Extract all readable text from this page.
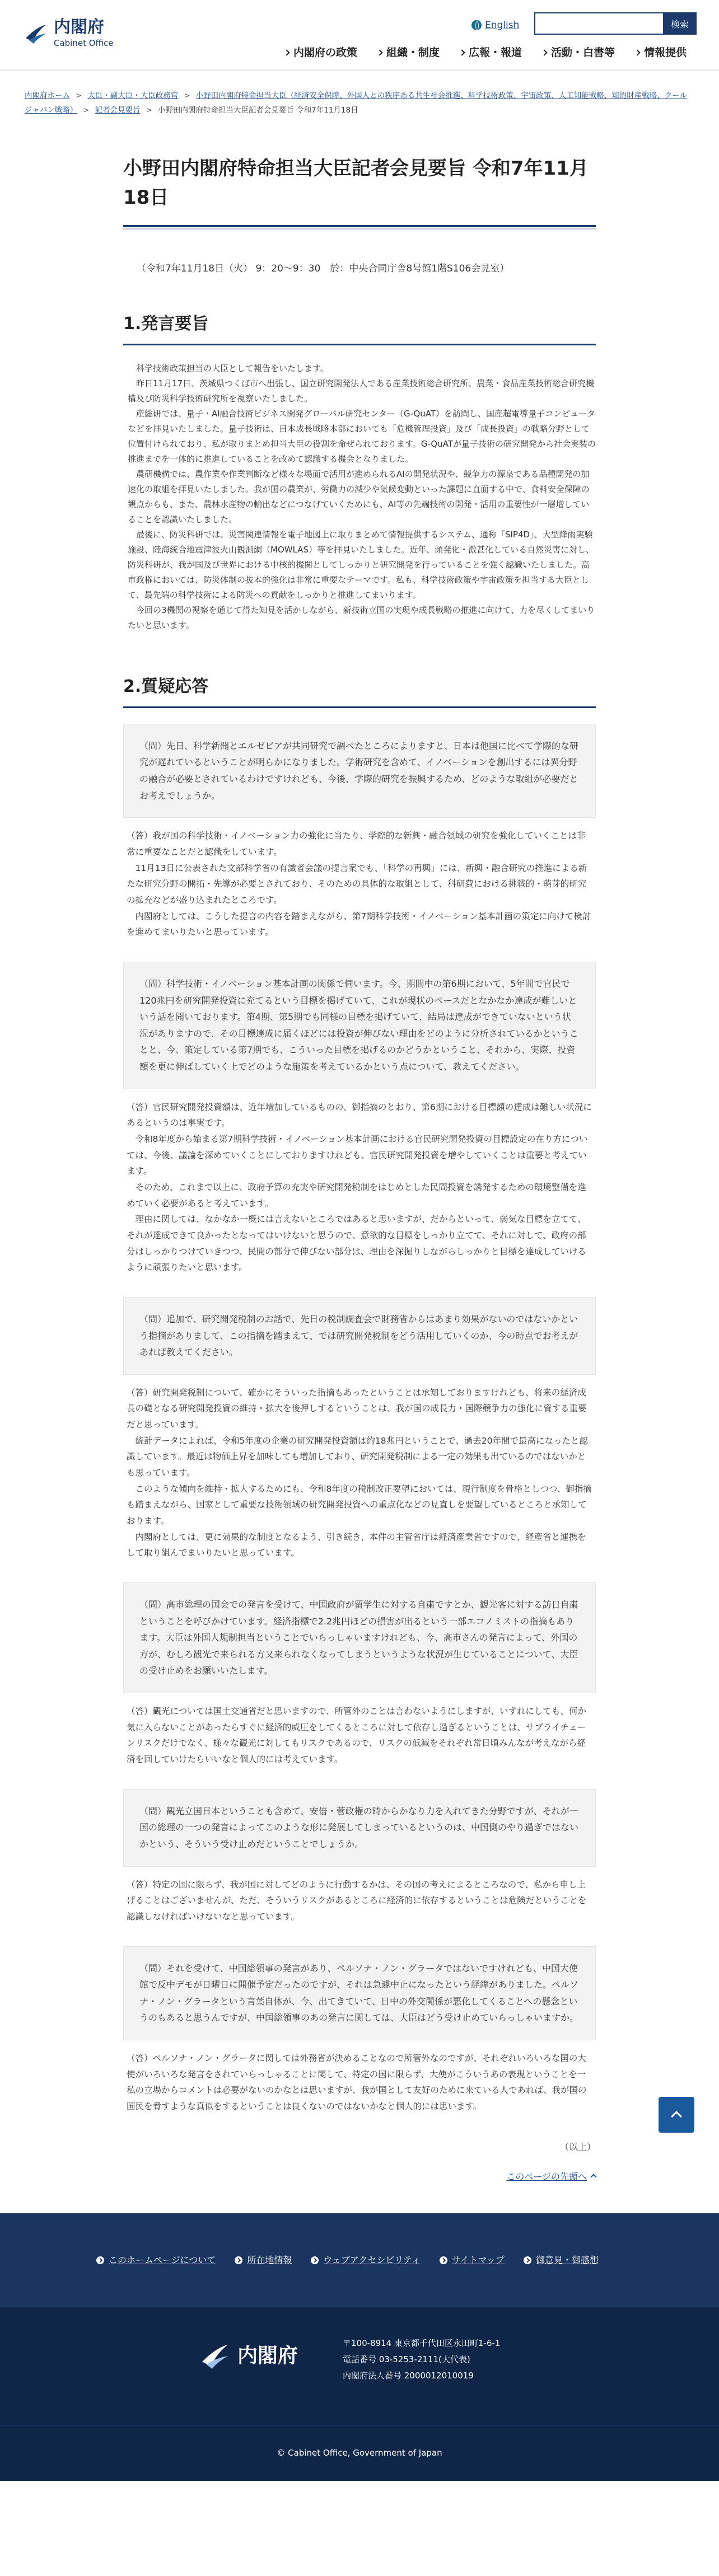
内閣府
Cabinet Office
English	検索
内閣府の政策	組織・制度	広報・報道	活動・白書等	情報提供
内閣府ホーム > 大臣・副大臣・大臣政務官 > 小野田内閣府特命担当大臣（経済安全保障、外国人との秩序ある共生社会推進、科学技術政策、宇宙政策、人工知能戦略、知的財産戦略、クールジャパン戦略） > 記者会見要旨 > 小野田内閣府特命担当大臣記者会見要旨 令和7年11月18日
小野田内閣府特命担当大臣記者会見要旨 令和7年11月18日

（令和7年11月18日（火） 9：20～9：30　於：中央合同庁舎8号館1階S106会見室）

1.発言要旨

科学技術政策担当の大臣として報告をいたします。

昨日11月17日、茨城県つくば市へ出張し、国立研究開発法人である産業技術総合研究所、農業・食品産業技術総合研究機構及び防災科学技術研究所を視察いたしました。

産総研では、量子・AI融合技術ビジネス開発グローバル研究センター（G-QuAT）を訪問し、国産超電導量子コンピュータなどを拝見いたしました。量子技術は、日本成長戦略本部においても「危機管理投資」及び「成長投資」の戦略分野として位置付けられており、私が取りまとめ担当大臣の役割を命ぜられております。G-QuATが量子技術の研究開発から社会実装の推進までを一体的に推進していることを改めて認識する機会となりました。

農研機構では、農作業や作業判断など様々な場面で活用が進められるAIの開発状況や、競争力の源泉である品種開発の加速化の取組を拝見いたしました。我が国の農業が、労働力の減少や気候変動といった課題に直面する中で、食料安全保障の観点からも、また、農林水産物の輸出などにつなげていくためにも、AI等の先端技術の開発・活用の重要性が一層増していることを認識いたしました。

最後に、防災科研では、災害関連情報を電子地図上に取りまとめて情報提供するシステム、通称「SIP4D」、大型降雨実験施設、陸海統合地震津波火山観測網（MOWLAS）等を拝見いたしました。近年、頻発化・激甚化している自然災害に対し、防災科研が、我が国及び世界における中核的機関としてしっかりと研究開発を行っていることを強く認識いたしました。高市政権においては、防災体制の抜本的強化は非常に重要なテーマです。私も、科学技術政策や宇宙政策を担当する大臣として、最先端の科学技術による防災への貢献をしっかりと推進してまいります。

今回の3機関の視察を通じて得た知見を活かしながら、新技術立国の実現や成長戦略の推進に向けて、力を尽くしてまいりたいと思います。

2.質疑応答
（問）先日、科学新聞とエルゼビアが共同研究で調べたところによりますと、日本は他国に比べて学際的な研究が遅れているということが明らかになりました。学術研究を含めて、イノベーションを創出するには異分野の融合が必要とされているわけですけれども、今後、学際的研究を振興するため、どのような取組が必要だとお考えでしょうか。

（答）我が国の科学技術・イノベーション力の強化に当たり、学際的な新興・融合領域の研究を強化していくことは非常に重要なことだと認識をしています。

11月13日に公表された文部科学省の有識者会議の提言案でも、「科学の再興」には、新興・融合研究の推進による新たな研究分野の開拓・先導が必要とされており、そのための具体的な取組として、科研費における挑戦的・萌芽的研究の拡充などが盛り込まれたところです。

内閣府としては、こうした提言の内容を踏まえながら、第7期科学技術・イノベーション基本計画の策定に向けて検討を進めてまいりたいと思っています。

（問）科学技術・イノベーション基本計画の関係で伺います。今、期間中の第6期において、5年間で官民で120兆円を研究開発投資に充てるという目標を掲げていて、これが現状のペースだとなかなか達成が難しいという話を聞いております。第4期、第5期でも同様の目標を掲げていて、結局は達成ができていないという状況がありますので、その目標達成に届くほどには投資が伸びない理由をどのように分析されているかということと、今、策定している第7期でも、こういった目標を掲げるのかどうかということ、それから、実際、投資額を更に伸ばしていく上でどのような施策を考えているかという点について、教えてください。

（答）官民研究開発投資額は、近年増加しているものの、御指摘のとおり、第6期における目標額の達成は難しい状況にあるというのは事実です。

令和8年度から始まる第7期科学技術・イノベーション基本計画における官民研究開発投資の目標設定の在り方については、今後、議論を深めていくことにしておりますけれども、官民研究開発投資を増やしていくことは重要と考えています。

そのため、これまで以上に、政府予算の充実や研究開発税制をはじめとした民間投資を誘発するための環境整備を進めていく必要があると考えています。

理由に関しては、なかなか一概には言えないところではあると思いますが、だからといって、弱気な目標を立てて、それが達成できて良かったとなってはいけないと思うので、意欲的な目標をしっかり立てて、それに対して、政府の部分はしっかりつけていきつつ、民間の部分で伸びない部分は、理由を深掘りしながらしっかりと目標を達成していけるように頑張りたいと思います。

（問）追加で、研究開発税制のお話で、先日の税制調査会で財務省からはあまり効果がないのではないかという指摘がありまして、この指摘を踏まえて、では研究開発税制をどう活用していくのか、今の時点でお考えがあれば教えてください。

（答）研究開発税制について、確かにそういった指摘もあったということは承知しておりますけれども、将来の経済成長の礎となる研究開発投資の維持・拡大を後押しするということは、我が国の成長力・国際競争力の強化に資する重要だと思っています。

統計データによれば、令和5年度の企業の研究開発投資額は約18兆円ということで、過去20年間で最高になったと認識しています。最近は物価上昇を加味しても増加しており、研究開発税制による一定の効果も出ているのではないかとも思っています。

このような傾向を維持・拡大するためにも、令和8年度の税制改正要望においては、現行制度を骨格としつつ、御指摘も踏まえながら、国家として重要な技術領域の研究開発投資への重点化などの見直しを要望しているところと承知しております。

内閣府としては、更に効果的な制度となるよう、引き続き、本件の主管省庁は経済産業省ですので、経産省と連携をして取り組んでまいりたいと思っています。

（問）高市総理の国会での発言を受けて、中国政府が留学生に対する自粛ですとか、観光客に対する訪日自粛ということを呼びかけています。経済指標で2.2兆円ほどの損害が出るという一部エコノミストの指摘もあります。大臣は外国人規制担当ということでいらっしゃいますけれども、今、高市さんの発言によって、外国の方が、むしろ観光で来られる方又来られなくなってしまうというような状況が生じていることについて、大臣の受け止めをお願いいたします。

（答）観光については国土交通省だと思いますので、所管外のことは言わないようにしますが、いずれにしても、何か気に入らないことがあったらすぐに経済的威圧をしてくるところに対して依存し過ぎるということは、サプライチェーンリスクだけでなく、様々な観光に対してもリスクであるので、リスクの低減をそれぞれ常日頃みんなが考えながら経済を回していけたらいいなと個人的には考えています。

（問）観光立国日本ということも含めて、安倍・菅政権の時からかなり力を入れてきた分野ですが、それが一国の総理の一つの発言によってこのような形に発展してしまっているというのは、中国側のやり過ぎではないかという、そういう受け止めだということでしょうか。

（答）特定の国に限らず、我が国に対してどのように行動するかは、その国の考えによるところなので、私から申し上げることはございませんが、ただ、そういうリスクがあるところに経済的に依存するということは危険だということを認識しなければいけないなと思っています。

（問）それを受けて、中国総領事の発言があり、ペルソナ・ノン・グラータではないですけれども、中国大使館で反中デモが日曜日に開催予定だったのですが、それは急遽中止になったという経緯がありました。ペルソナ・ノン・グラータという言葉自体が、今、出てきていて、日中の外交関係が悪化してくることへの懸念というのもあると思うんですが、中国総領事のあの発言に関しては、大臣はどう受け止めていらっしゃいますか。

（答）ペルソナ・ノン・グラータに関しては外務省が決めることなので所管外なのですが、それぞれいろいろな国の大使がいろいろな発言をされていらっしゃることに関して、特定の国に限らず、大使がこういうあの表現ということを一私の立場からコメントは必要がないのかなとは思いますが、我が国として友好のために来ている人であれば、我が国の国民を脅すような真似をするということは良くないのではないかなと個人的には思います。

（以上）

このページの先頭へ

このホームページについて	所在地情報	ウェブアクセシビリティ	サイトマップ	御意見・御感想
内閣府
〒100-8914 東京都千代田区永田町1-6-1
電話番号 03-5253-2111(大代表)
内閣府法人番号 2000012010019
© Cabinet Office, Government of Japan
